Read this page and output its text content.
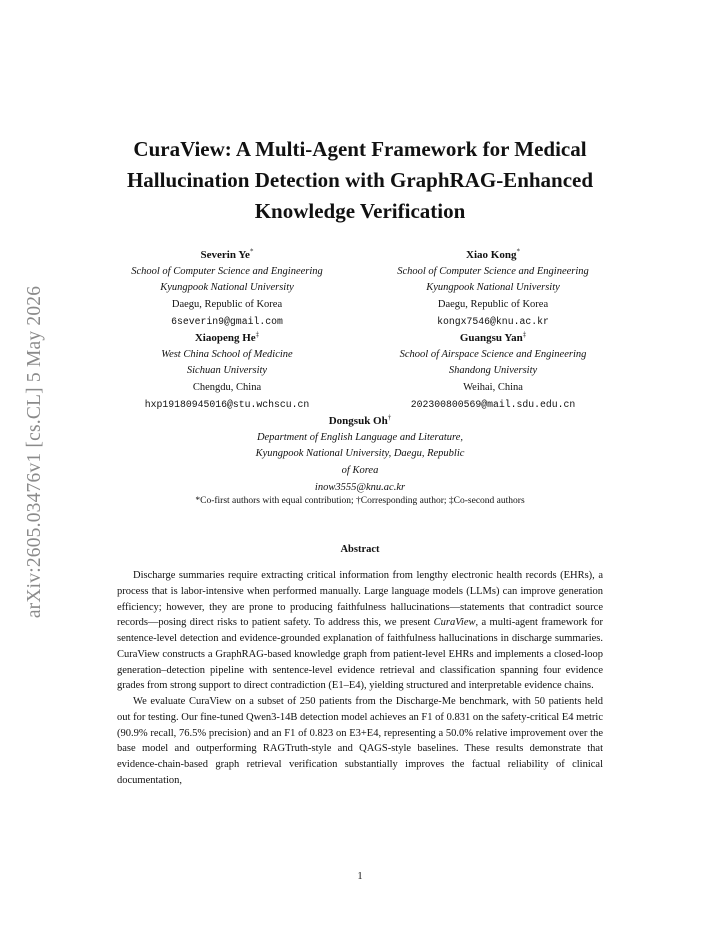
arXiv:2605.03476v1 [cs.CL] 5 May 2026
CuraView: A Multi-Agent Framework for Medical
Hallucination Detection with GraphRAG-Enhanced
Knowledge Verification
Severin Ye*
School of Computer Science and Engineering
Kyungpook National University
Daegu, Republic of Korea
6severin9@gmail.com
Xiao Kong*
School of Computer Science and Engineering
Kyungpook National University
Daegu, Republic of Korea
kongx7546@knu.ac.kr
Xiaopeng He‡
West China School of Medicine
Sichuan University
Chengdu, China
hxp19180945016@stu.wchscu.cn
Guangsu Yan‡
School of Airspace Science and Engineering
Shandong University
Weihai, China
202300800569@mail.sdu.edu.cn
Dongsuk Oh†
Department of English Language and Literature,
Kyungpook National University, Daegu, Republic
of Korea
inow3555@knu.ac.kr
*Co-first authors with equal contribution; †Corresponding author; ‡Co-second authors
Abstract

Discharge summaries require extracting critical information from lengthy electronic health records (EHRs), a process that is labor-intensive when performed manually. Large language models (LLMs) can improve generation efficiency; however, they are prone to producing faithfulness hallucinations—statements that contradict source records—posing direct risks to patient safety. To address this, we present CuraView, a multi-agent framework for sentence-level detection and evidence-grounded explanation of faithfulness hallucinations in discharge summaries. CuraView constructs a GraphRAG-based knowledge graph from patient-level EHRs and implements a closed-loop generation–detection pipeline with sentence-level evidence retrieval and classification spanning four evidence grades from strong support to direct contradiction (E1–E4), yielding structured and interpretable evidence chains.

We evaluate CuraView on a subset of 250 patients from the Discharge-Me benchmark, with 50 patients held out for testing. Our fine-tuned Qwen3-14B detection model achieves an F1 of 0.831 on the safety-critical E4 metric (90.9% recall, 76.5% precision) and an F1 of 0.823 on E3+E4, representing a 50.0% relative improvement over the base model and outperforming RAGTruth-style and QAGS-style baselines. These results demonstrate that evidence-chain-based graph retrieval verification substantially improves the factual reliability of clinical documentation,

1
